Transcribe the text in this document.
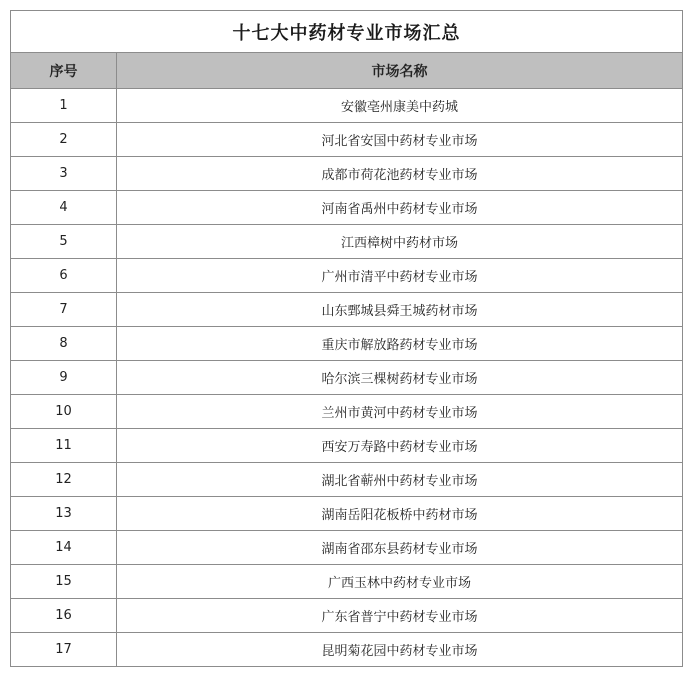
十七大中药材专业市场汇总	
序号	市场名称
1	安徽亳州康美中药城
2	河北省安国中药材专业市场
3	成都市荷花池药材专业市场
4	河南省禹州中药材专业市场
5	江西樟树中药材市场
6	广州市清平中药材专业市场
7	山东鄄城县舜王城药材市场
8	重庆市解放路药材专业市场
9	哈尔滨三棵树药材专业市场
10	兰州市黄河中药材专业市场
11	西安万寿路中药材专业市场
12	湖北省蕲州中药材专业市场
13	湖南岳阳花板桥中药材市场
14	湖南省邵东县药材专业市场
15	广西玉林中药材专业市场
16	广东省普宁中药材专业市场
17	昆明菊花园中药材专业市场
